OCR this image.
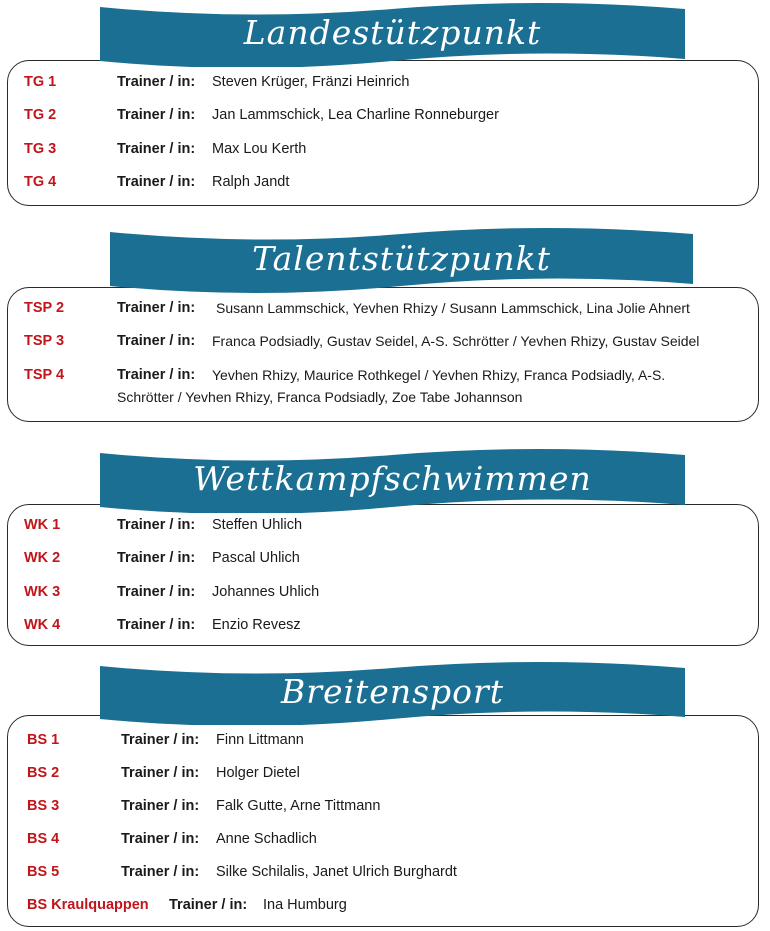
Landestützpunkt
TG 1	Trainer / in: Steven Krüger, Fränzi Heinrich
TG 2	Trainer / in: Jan Lammschick, Lea Charline Ronneburger
TG 3	Trainer / in: Max Lou Kerth
TG 4	Trainer / in: Ralph Jandt
Talentstützpunkt
TSP 2	Trainer / in: Susann Lammschick, Yevhen Rhizy / Susann Lammschick, Lina Jolie Ahnert
TSP 3	Trainer / in: Franca Podsiadly, Gustav Seidel, A-S. Schrötter / Yevhen Rhizy, Gustav Seidel
TSP 4	Trainer / in: Yevhen Rhizy, Maurice Rothkegel / Yevhen Rhizy, Franca Podsiadly, A-S.
Schrötter / Yevhen Rhizy, Franca Podsiadly, Zoe Tabe Johannson
Wettkampfschwimmen
WK 1	Trainer / in: Steffen Uhlich
WK 2	Trainer / in: Pascal Uhlich
WK 3	Trainer / in: Johannes Uhlich
WK 4	Trainer / in: Enzio Revesz
Breitensport
BS 1	Trainer / in: Finn Littmann
BS 2	Trainer / in: Holger Dietel
BS 3	Trainer / in: Falk Gutte, Arne Tittmann
BS 4	Trainer / in: Anne Schadlich
BS 5	Trainer / in: Silke Schilalis, Janet Ulrich Burghardt
BS Kraulquappen Trainer / in: Ina Humburg
